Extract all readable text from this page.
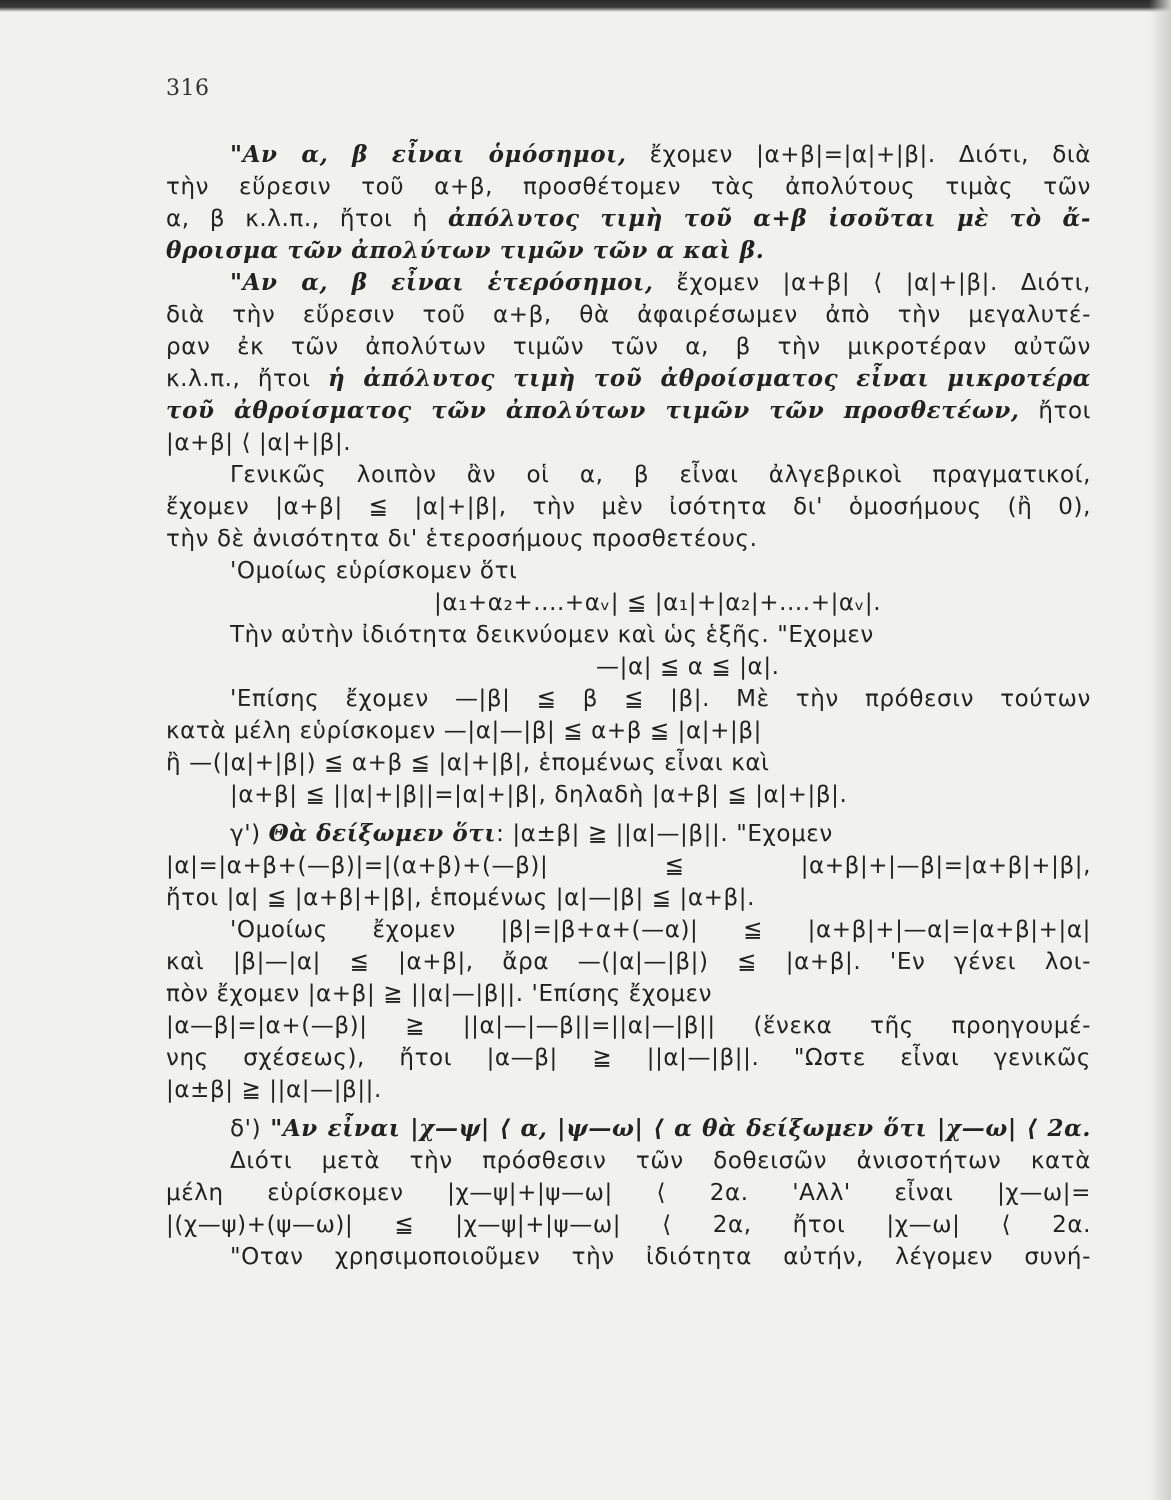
316
"Αν α, β εἶναι ὁμόσημοι, ἔχομεν |α+β|=|α|+|β|. Διότι, διὰ
τὴν εὕρεσιν τοῦ α+β, προσθέτομεν τὰς ἀπολύτους τιμὰς τῶν
α, β κ.λ.π., ἤτοι ἡ ἀπόλυτος τιμὴ τοῦ α+β ἰσοῦται μὲ τὸ ἄ-
θροισμα τῶν ἀπολύτων τιμῶν τῶν α καὶ β.
"Αν α, β εἶναι ἑτερόσημοι, ἔχομεν |α+β| ⟨ |α|+|β|. Διότι,
διὰ τὴν εὕρεσιν τοῦ α+β, θὰ ἀφαιρέσωμεν ἀπὸ τὴν μεγαλυτέ-
ραν ἐκ τῶν ἀπολύτων τιμῶν τῶν α, β τὴν μικροτέραν αὐτῶν
κ.λ.π., ἤτοι ἡ ἀπόλυτος τιμὴ τοῦ ἀθροίσματος εἶναι μικροτέρα
τοῦ ἀθροίσματος τῶν ἀπολύτων τιμῶν τῶν προσθετέων, ἤτοι
|α+β| ⟨ |α|+|β|.
Γενικῶς λοιπὸν ἂν οἱ α, β εἶναι ἀλγεβρικοὶ πραγματικοί,
ἔχομεν |α+β| ≦ |α|+|β|, τὴν μὲν ἰσότητα δι' ὁμοσήμους (ἢ 0),
τὴν δὲ ἀνισότητα δι' ἑτεροσήμους προσθετέους.
'Ομοίως εὑρίσκομεν ὅτι
|α₁+α₂+....+αᵥ| ≦ |α₁|+|α₂|+....+|αᵥ|.
Τὴν αὐτὴν ἰδιότητα δεικνύομεν καὶ ὡς ἑξῆς. "Εχομεν
—|α| ≦ α ≦ |α|.
'Επίσης ἔχομεν —|β| ≦ β ≦ |β|. Μὲ τὴν πρόθεσιν τούτων
κατὰ μέλη εὑρίσκομεν —|α|—|β| ≦ α+β ≦ |α|+|β|
ἢ —(|α|+|β|) ≦ α+β ≦ |α|+|β|, ἑπομένως εἶναι καὶ
|α+β| ≦ ||α|+|β||=|α|+|β|, δηλαδὴ |α+β| ≦ |α|+|β|.
γ') Θὰ δείξωμεν ὅτι: |α±β| ≧ ||α|—|β||. "Εχομεν
|α|=|α+β+(—β)|=|(α+β)+(—β)| ≦ |α+β|+|—β|=|α+β|+|β|,
ἤτοι |α| ≦ |α+β|+|β|, ἑπομένως |α|—|β| ≦ |α+β|.
'Ομοίως ἔχομεν |β|=|β+α+(—α)| ≦ |α+β|+|—α|=|α+β|+|α|
καὶ |β|—|α| ≦ |α+β|, ἄρα —(|α|—|β|) ≦ |α+β|. 'Εν γένει λοι-
πὸν ἔχομεν |α+β| ≧ ||α|—|β||. 'Επίσης ἔχομεν
|α—β|=|α+(—β)| ≧ ||α|—|—β||=||α|—|β|| (ἕνεκα τῆς προηγουμέ-
νης σχέσεως), ἤτοι |α—β| ≧ ||α|—|β||. "Ωστε εἶναι γενικῶς
|α±β| ≧ ||α|—|β||.
δ') "Αν εἶναι |χ—ψ| ⟨ α, |ψ—ω| ⟨ α θὰ δείξωμεν ὅτι |χ—ω| ⟨ 2α.
Διότι μετὰ τὴν πρόσθεσιν τῶν δοθεισῶν ἀνισοτήτων κατὰ
μέλη εὑρίσκομεν |χ—ψ|+|ψ—ω| ⟨ 2α. 'Αλλ' εἶναι |χ—ω|=
|(χ—ψ)+(ψ—ω)| ≦ |χ—ψ|+|ψ—ω| ⟨ 2α, ἤτοι |χ—ω| ⟨ 2α.
"Οταν χρησιμοποιοῦμεν τὴν ἰδιότητα αὐτήν, λέγομεν συνή-
